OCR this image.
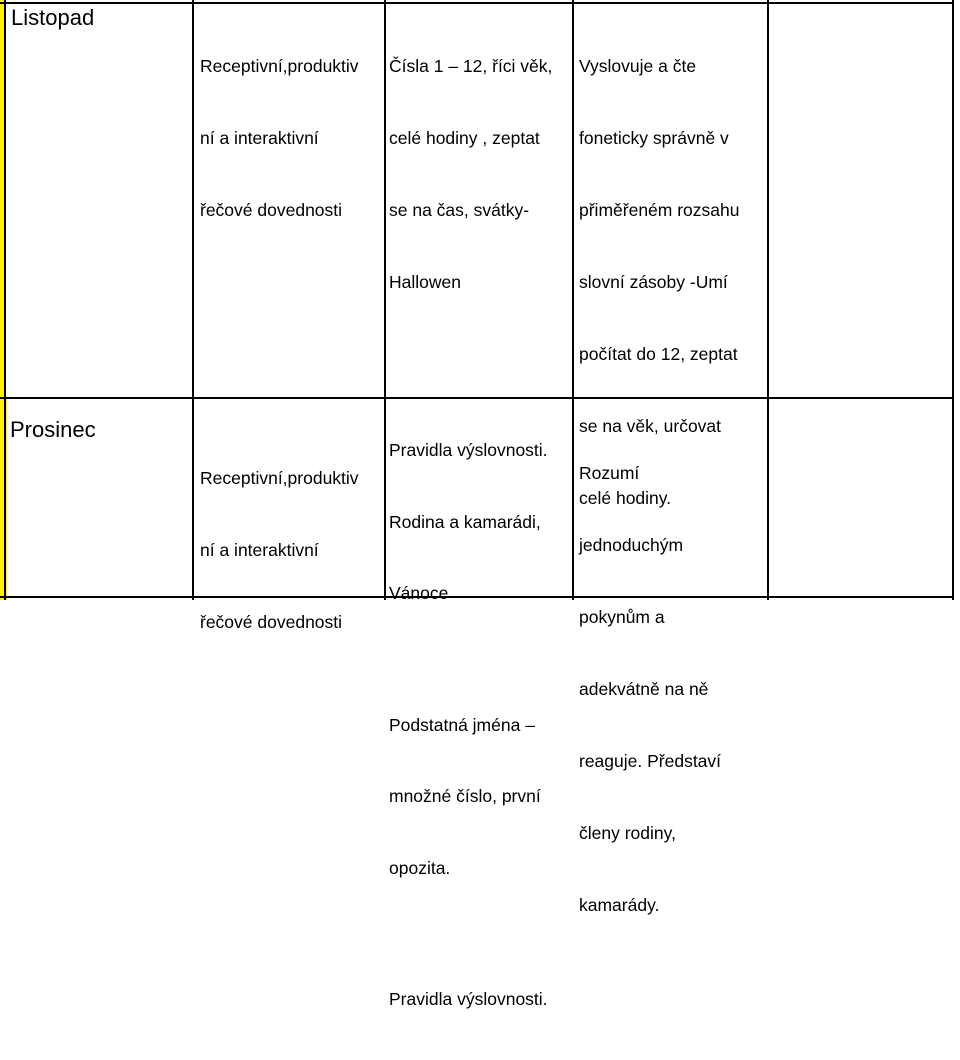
Listopad

Receptivní,produktiv

ní a interaktivní

řečové dovednosti

Čísla 1 – 12, říci věk,

celé hodiny , zeptat

se na čas, svátky-

Hallowen

Vyslovuje a čte

foneticky správně v

přiměřeném rozsahu

slovní zásoby -Umí

počítat do 12, zeptat

se na věk, určovat

celé hodiny.

Prosinec

Receptivní,produktiv

ní a interaktivní

řečové dovednosti

Pravidla výslovnosti.

Rodina a kamarádi,

Vánoce

Podstatná jména –

množné číslo, první

opozita.

Pravidla výslovnosti.

Rozumí

jednoduchým

pokynům a

adekvátně na ně

reaguje. Představí

členy rodiny,

kamarády.
